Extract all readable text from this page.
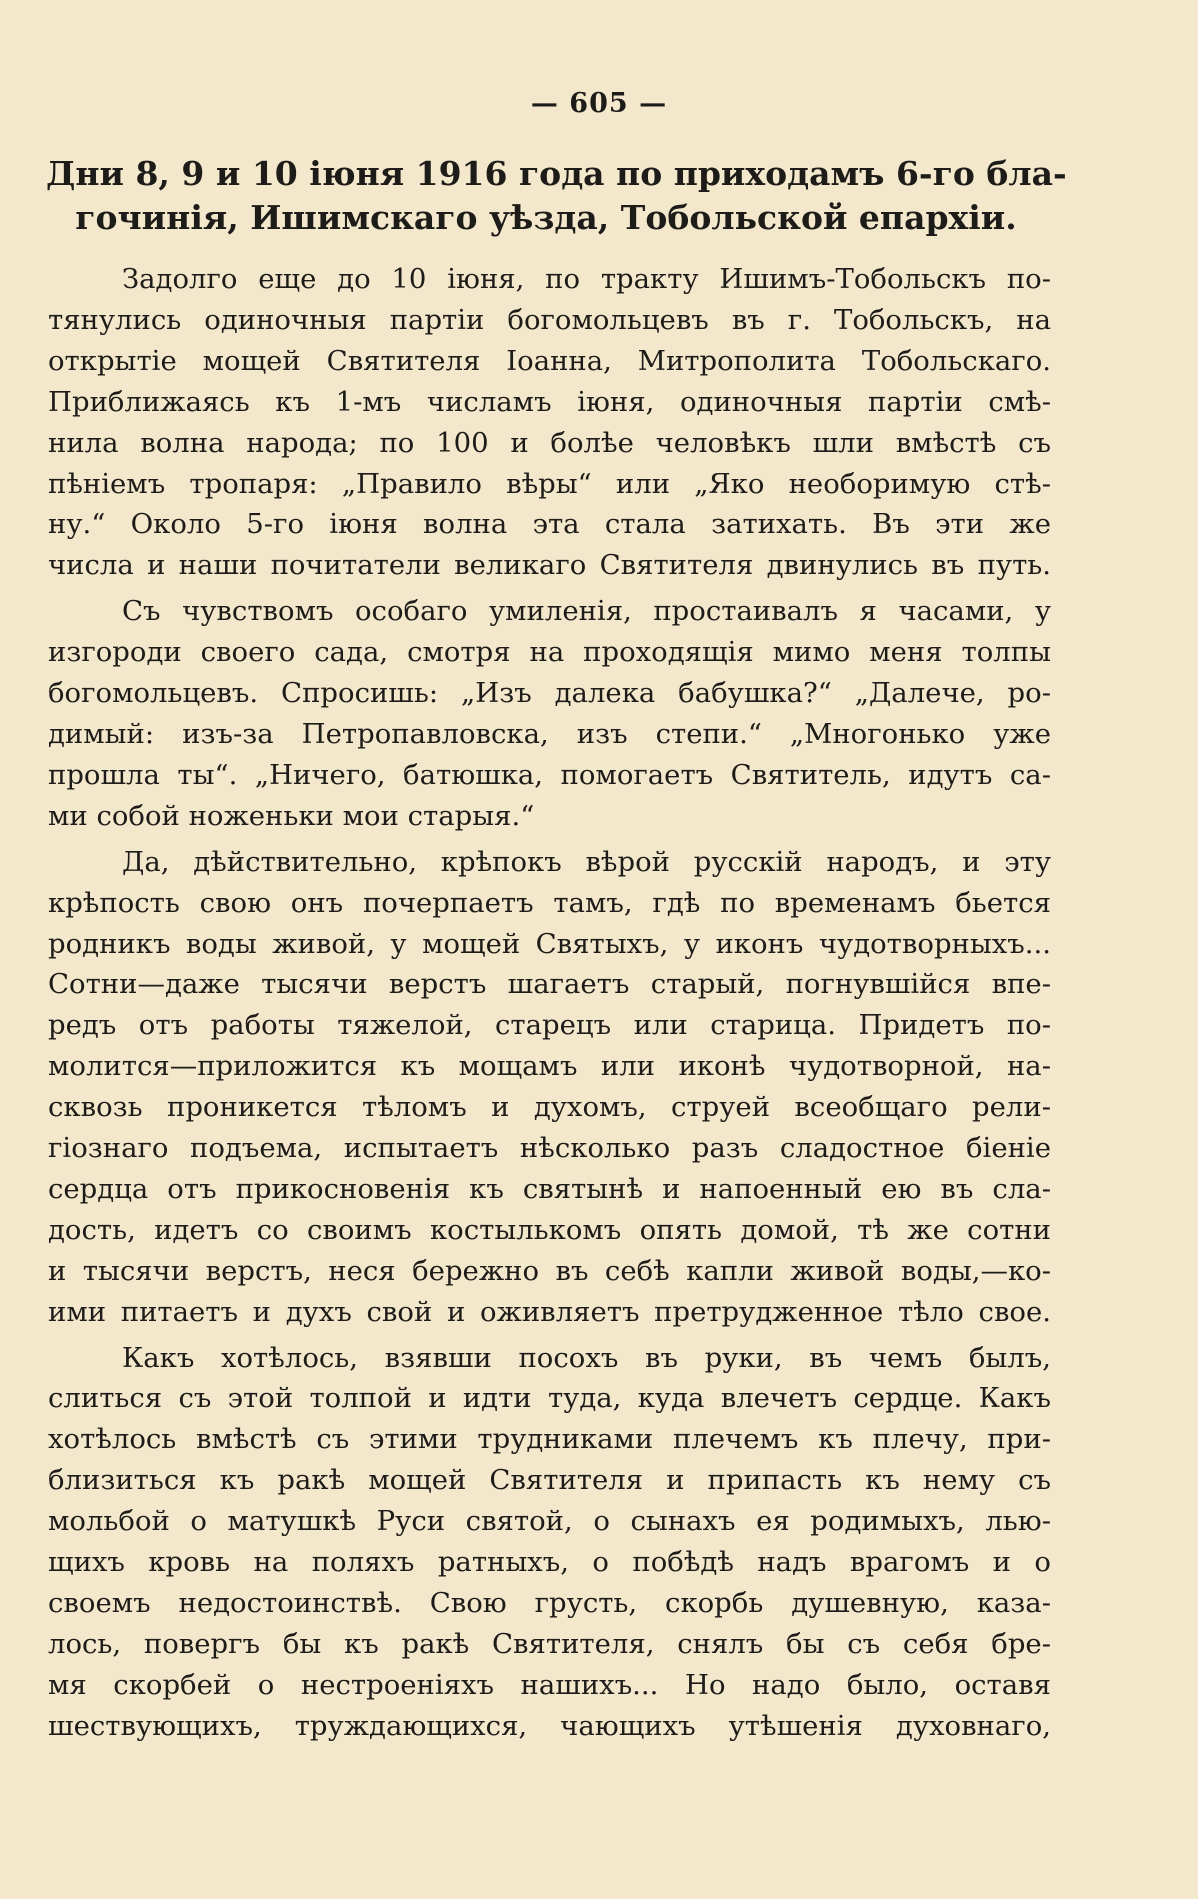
— 605 —
Дни 8, 9 и 10 іюня 1916 года по приходамъ 6-го бла-
гочинія, Ишимскаго уѣзда, Тобольской епархіи.
Задолго еще до 10 іюня, по тракту Ишимъ-Тобольскъ по-
тянулись одиночныя партіи богомольцевъ въ г. Тобольскъ, на
открытіе мощей Святителя Іоанна, Митрополита Тобольскаго.
Приближаясь къ 1-мъ числамъ іюня, одиночныя партіи смѣ-
нила волна народа; по 100 и болѣе человѣкъ шли вмѣстѣ съ
пѣніемъ тропаря: „Правило вѣры“ или „Яко необоримую стѣ-
ну.“ Около 5-го іюня волна эта стала затихать. Въ эти же
числа и наши почитатели великаго Святителя двинулись въ путь.
Съ чувствомъ особаго умиленія, простаивалъ я часами, у
изгороди своего сада, смотря на проходящія мимо меня толпы
богомольцевъ. Спросишь: „Изъ далека бабушка?“ „Далече, ро-
димый: изъ-за Петропавловска, изъ степи.“ „Многонько уже
прошла ты“. „Ничего, батюшка, помогаетъ Святитель, идутъ са-
ми собой ноженьки мои старыя.“
Да, дѣйствительно, крѣпокъ вѣрой русскій народъ, и эту
крѣпость свою онъ почерпаетъ тамъ, гдѣ по временамъ бьется
родникъ воды живой, у мощей Святыхъ, у иконъ чудотворныхъ...
Сотни—даже тысячи верстъ шагаетъ старый, погнувшійся впе-
редъ отъ работы тяжелой, старецъ или старица. Придетъ по-
молится—приложится къ мощамъ или иконѣ чудотворной, на-
сквозь проникется тѣломъ и духомъ, струей всеобщаго рели-
гіознаго подъема, испытаетъ нѣсколько разъ сладостное біеніе
сердца отъ прикосновенія къ святынѣ и напоенный ею въ сла-
дость, идетъ со своимъ костылькомъ опять домой, тѣ же сотни
и тысячи верстъ, неся бережно въ себѣ капли живой воды,—ко-
ими питаетъ и духъ свой и оживляетъ претрудженное тѣло свое.
Какъ хотѣлось, взявши посохъ въ руки, въ чемъ былъ,
слиться съ этой толпой и идти туда, куда влечетъ сердце. Какъ
хотѣлось вмѣстѣ съ этими трудниками плечемъ къ плечу, при-
близиться къ ракѣ мощей Святителя и припасть къ нему съ
мольбой о матушкѣ Руси святой, о сынахъ ея родимыхъ, лью-
щихъ кровь на поляхъ ратныхъ, о побѣдѣ надъ врагомъ и о
своемъ недостоинствѣ. Свою грусть, скорбь душевную, каза-
лось, повергъ бы къ ракѣ Святителя, снялъ бы съ себя бре-
мя скорбей о нестроеніяхъ нашихъ... Но надо было, оставя
шествующихъ, труждающихся, чающихъ утѣшенія духовнаго,
